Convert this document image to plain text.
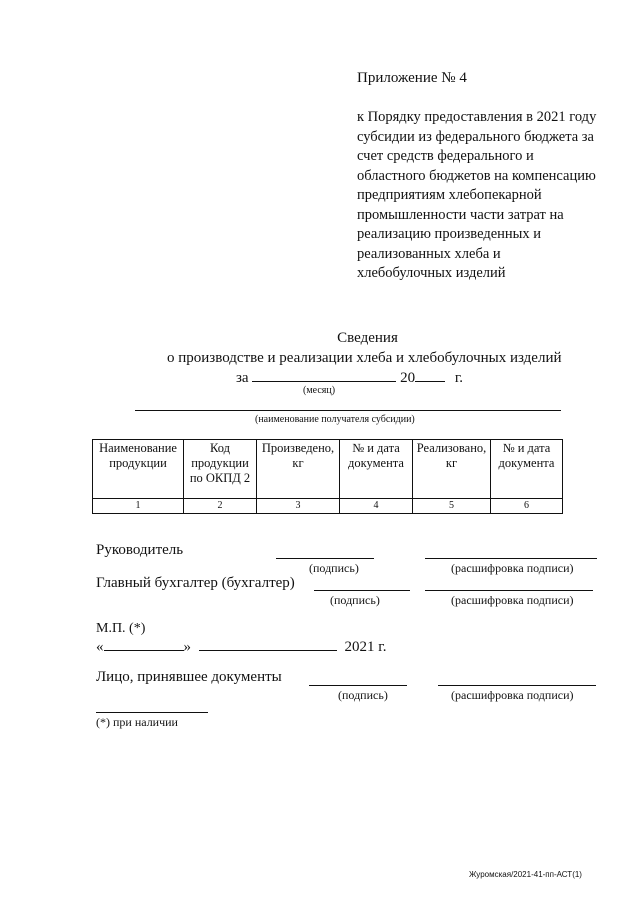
Приложение № 4
к Порядку предоставления в 2021 году субсидии из федерального бюджета за счет средств федерального и областного бюджетов на компенсацию предприятиям хлебопекарной промышленности части затрат на реализацию произведенных и реализованных хлеба и хлебобулочных изделий
Сведения
о производстве и реализации хлеба и хлебобулочных изделий
за	20	г.
(месяц)
(наименование получателя субсидии)
Наименование продукции	Код продукции по ОКПД 2	Произведено, кг	№ и дата документа	Реализовано, кг	№ и дата документа
1	2	3	4	5	6
Руководитель
(подпись)	(расшифровка подписи)
Главный бухгалтер (бухгалтер)
(подпись)	(расшифровка подписи)
М.П. (*)
«	»	2021 г.
Лицо, принявшее документы
(подпись)	(расшифровка подписи)
(*) при наличии
Журомская/2021-41-пп-АСТ(1)
